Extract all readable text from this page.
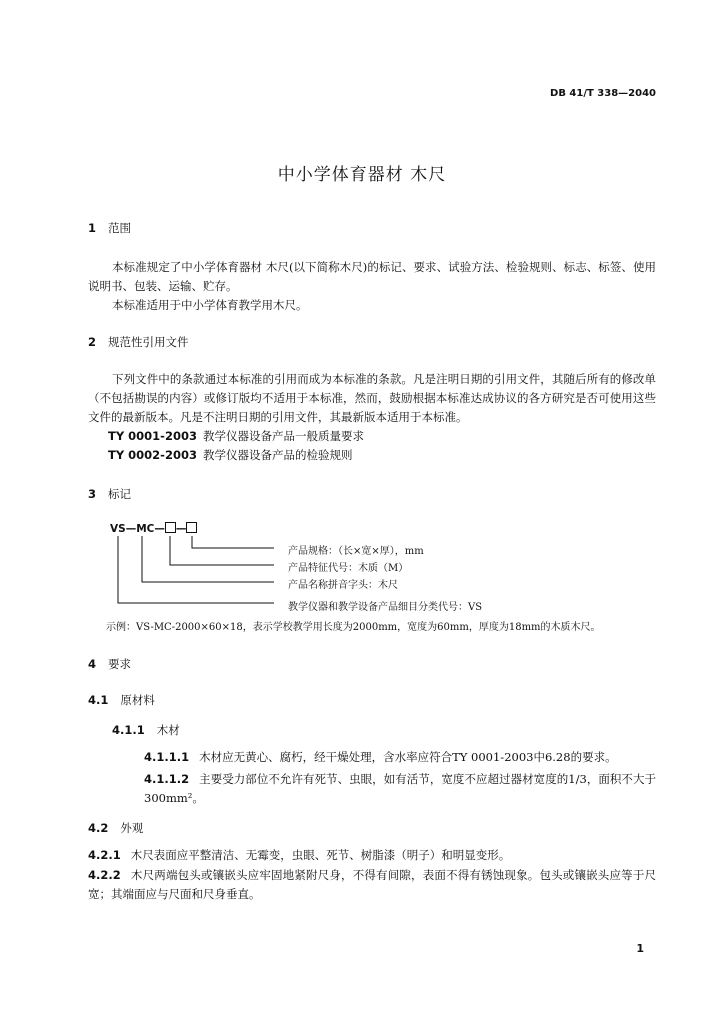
DB 41/T 338—2040
中小学体育器材 木尺
1 范围
本标准规定了中小学体育器材 木尺(以下简称木尺)的标记、要求、试验方法、检验规则、标志、标签、使用说明书、包装、运输、贮存。
本标准适用于中小学体育教学用木尺。
2 规范性引用文件
下列文件中的条款通过本标准的引用而成为本标准的条款。凡是注明日期的引用文件，其随后所有的修改单（不包括勘误的内容）或修订版均不适用于本标准，然而，鼓励根据本标准达成协议的各方研究是否可使用这些文件的最新版本。凡是不注明日期的引用文件，其最新版本适用于本标准。
TY 0001-2003 教学仪器设备产品一般质量要求
TY 0002-2003 教学仪器设备产品的检验规则
3 标记
VS—MC— —
产品规格：（长×宽×厚），mm
产品特征代号：木质（M）
产品名称拼音字头：木尺
教学仪器和教学设备产品细目分类代号：VS
示例：VS-MC-2000×60×18，表示学校教学用长度为2000mm，宽度为60mm，厚度为18mm的木质木尺。
4 要求
4.1 原材料
4.1.1 木材
4.1.1.1 木材应无黄心、腐朽，经干燥处理，含水率应符合TY 0001-2003中6.28的要求。
4.1.1.2 主要受力部位不允许有死节、虫眼，如有活节，宽度不应超过器材宽度的1/3，面积不大于300mm²。
4.2 外观
4.2.1 木尺表面应平整清洁、无霉变，虫眼、死节、树脂漆（明子）和明显变形。
4.2.2 木尺两端包头或镶嵌头应牢固地紧附尺身，不得有间隙，表面不得有锈蚀现象。包头或镶嵌头应等于尺宽；其端面应与尺面和尺身垂直。
1
